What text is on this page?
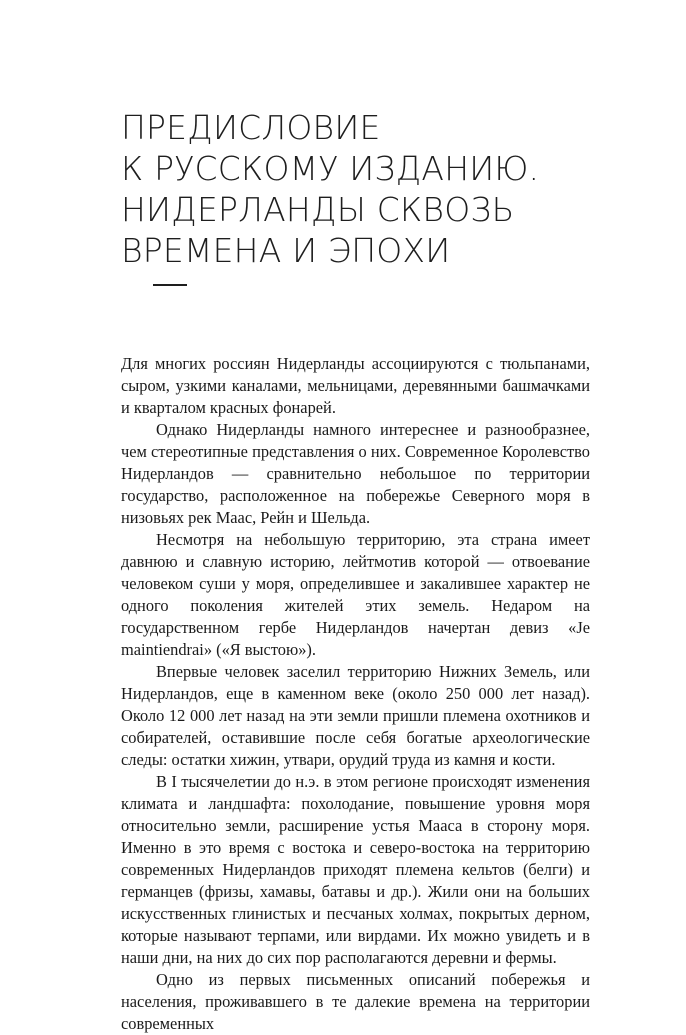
ПРЕДИСЛОВИЕ
К РУССКОМУ ИЗДАНИЮ.
НИДЕРЛАНДЫ СКВОЗЬ
ВРЕМЕНА И ЭПОХИ

Для многих россиян Нидерланды ассоциируются с тюльпанами, сыром, узкими каналами, мельницами, деревянными башмачками и кварталом красных фонарей.

Однако Нидерланды намного интереснее и разнообразнее, чем стереотипные представления о них. Современное Королевство Нидерландов — сравнительно небольшое по территории государство, расположенное на побережье Северного моря в низовьях рек Маас, Рейн и Шельда.

Несмотря на небольшую территорию, эта страна имеет давнюю и славную историю, лейтмотив которой — отвоевание человеком суши у моря, определившее и закалившее характер не одного поколения жителей этих земель. Недаром на государственном гербе Нидерландов начертан девиз «Je maintiendrai» («Я выстою»).

Впервые человек заселил территорию Нижних Земель, или Нидерландов, еще в каменном веке (около 250 000 лет назад). Около 12 000 лет назад на эти земли пришли племена охотников и собирателей, оставившие после себя богатые археологические следы: остатки хижин, утвари, орудий труда из камня и кости.

В I тысячелетии до н.э. в этом регионе происходят изменения климата и ландшафта: похолодание, повышение уровня моря относительно земли, расширение устья Мааса в сторону моря. Именно в это время с востока и северо-востока на территорию современных Нидерландов приходят племена кельтов (белги) и германцев (фризы, хамавы, батавы и др.). Жили они на больших искусственных глинистых и песчаных холмах, покрытых дерном, которые называют терпами, или вирдами. Их можно увидеть и в наши дни, на них до сих пор располагаются деревни и фермы.

Одно из первых письменных описаний побережья и населения, проживавшего в те далекие времена на территории современных
